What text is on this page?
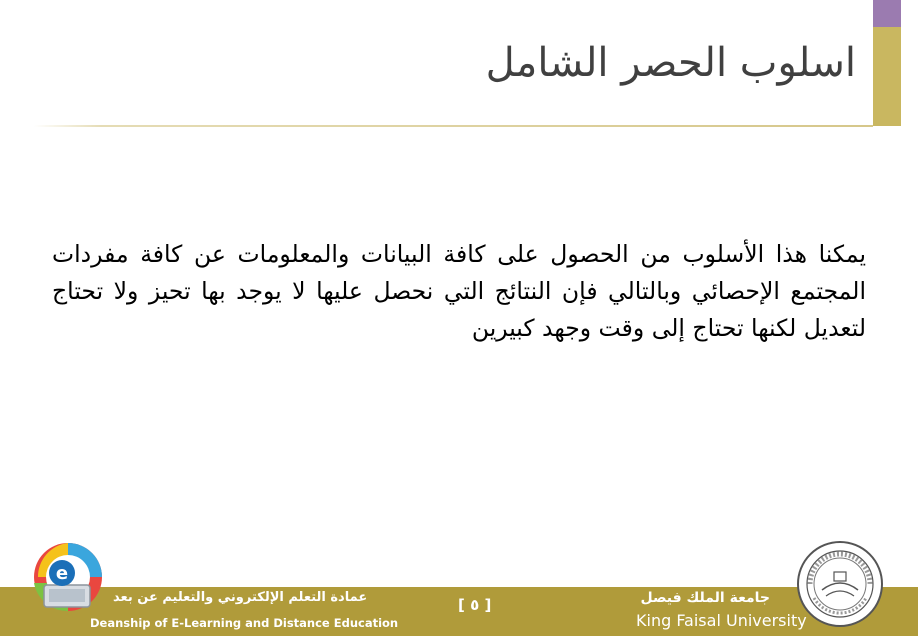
اسلوب الحصر الشامل
يمكنا هذا الأسلوب من الحصول على كافة البيانات والمعلومات عن كافة مفردات المجتمع الإحصائي وبالتالي فإن النتائج التي نحصل عليها لا يوجد بها تحيز ولا تحتاج لتعديل لكنها تحتاج إلى وقت وجهد كبيرين
e
عمادة التعلم الإلكتروني والتعليم عن بعد
Deanship of E-Learning and Distance Education
[ ٥ ]	جامعة الملك فيصل
King Faisal University
